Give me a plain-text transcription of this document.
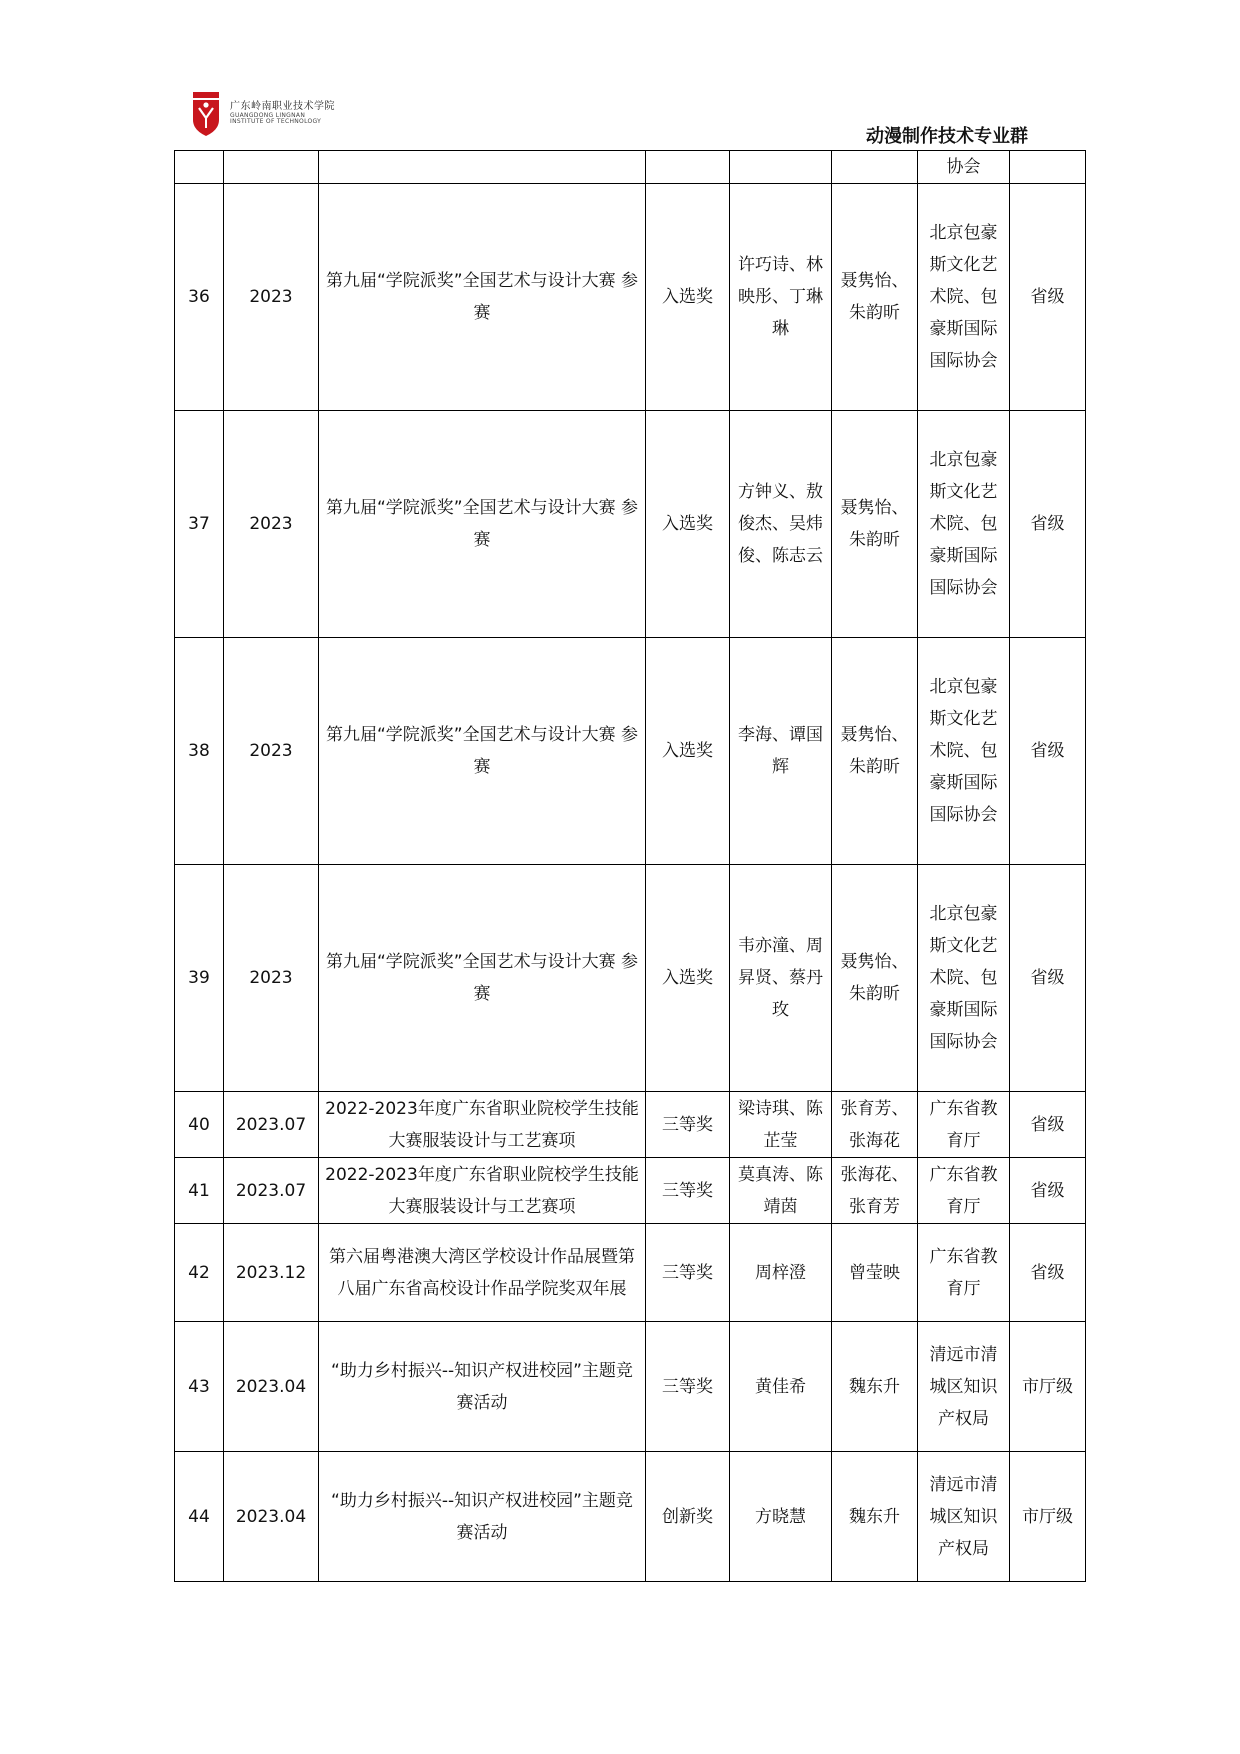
广东岭南职业技术学院
GUANGDONG LINGNAN
INSTITUTE OF TECHNOLOGY
动漫制作技术专业群
						协会	
36	2023	第九届“学院派奖”全国艺术与设计大赛 参赛	入选奖	许巧诗、林映彤、丁琳琳	聂隽怡、朱韵昕	北京包豪斯文化艺术院、包豪斯国际国际协会	省级
37	2023	第九届“学院派奖”全国艺术与设计大赛 参赛	入选奖	方钟义、敖俊杰、吴炜俊、陈志云	聂隽怡、朱韵昕	北京包豪斯文化艺术院、包豪斯国际国际协会	省级
38	2023	第九届“学院派奖”全国艺术与设计大赛 参赛	入选奖	李海、谭国辉	聂隽怡、朱韵昕	北京包豪斯文化艺术院、包豪斯国际国际协会	省级
39	2023	第九届“学院派奖”全国艺术与设计大赛 参赛	入选奖	韦亦潼、周昇贤、蔡丹玫	聂隽怡、朱韵昕	北京包豪斯文化艺术院、包豪斯国际国际协会	省级
40	2023.07	2022-2023年度广东省职业院校学生技能大赛服装设计与工艺赛项	三等奖	梁诗琪、陈芷莹	张育芳、张海花	广东省教育厅	省级
41	2023.07	2022-2023年度广东省职业院校学生技能大赛服装设计与工艺赛项	三等奖	莫真涛、陈靖茵	张海花、张育芳	广东省教育厅	省级
42	2023.12	第六届粤港澳大湾区学校设计作品展暨第八届广东省高校设计作品学院奖双年展	三等奖	周梓澄	曾莹映	广东省教育厅	省级
43	2023.04	“助力乡村振兴--知识产权进校园”主题竞赛活动	三等奖	黄佳希	魏东升	清远市清城区知识产权局	市厅级
44	2023.04	“助力乡村振兴--知识产权进校园”主题竞赛活动	创新奖	方晓慧	魏东升	清远市清城区知识产权局	市厅级
